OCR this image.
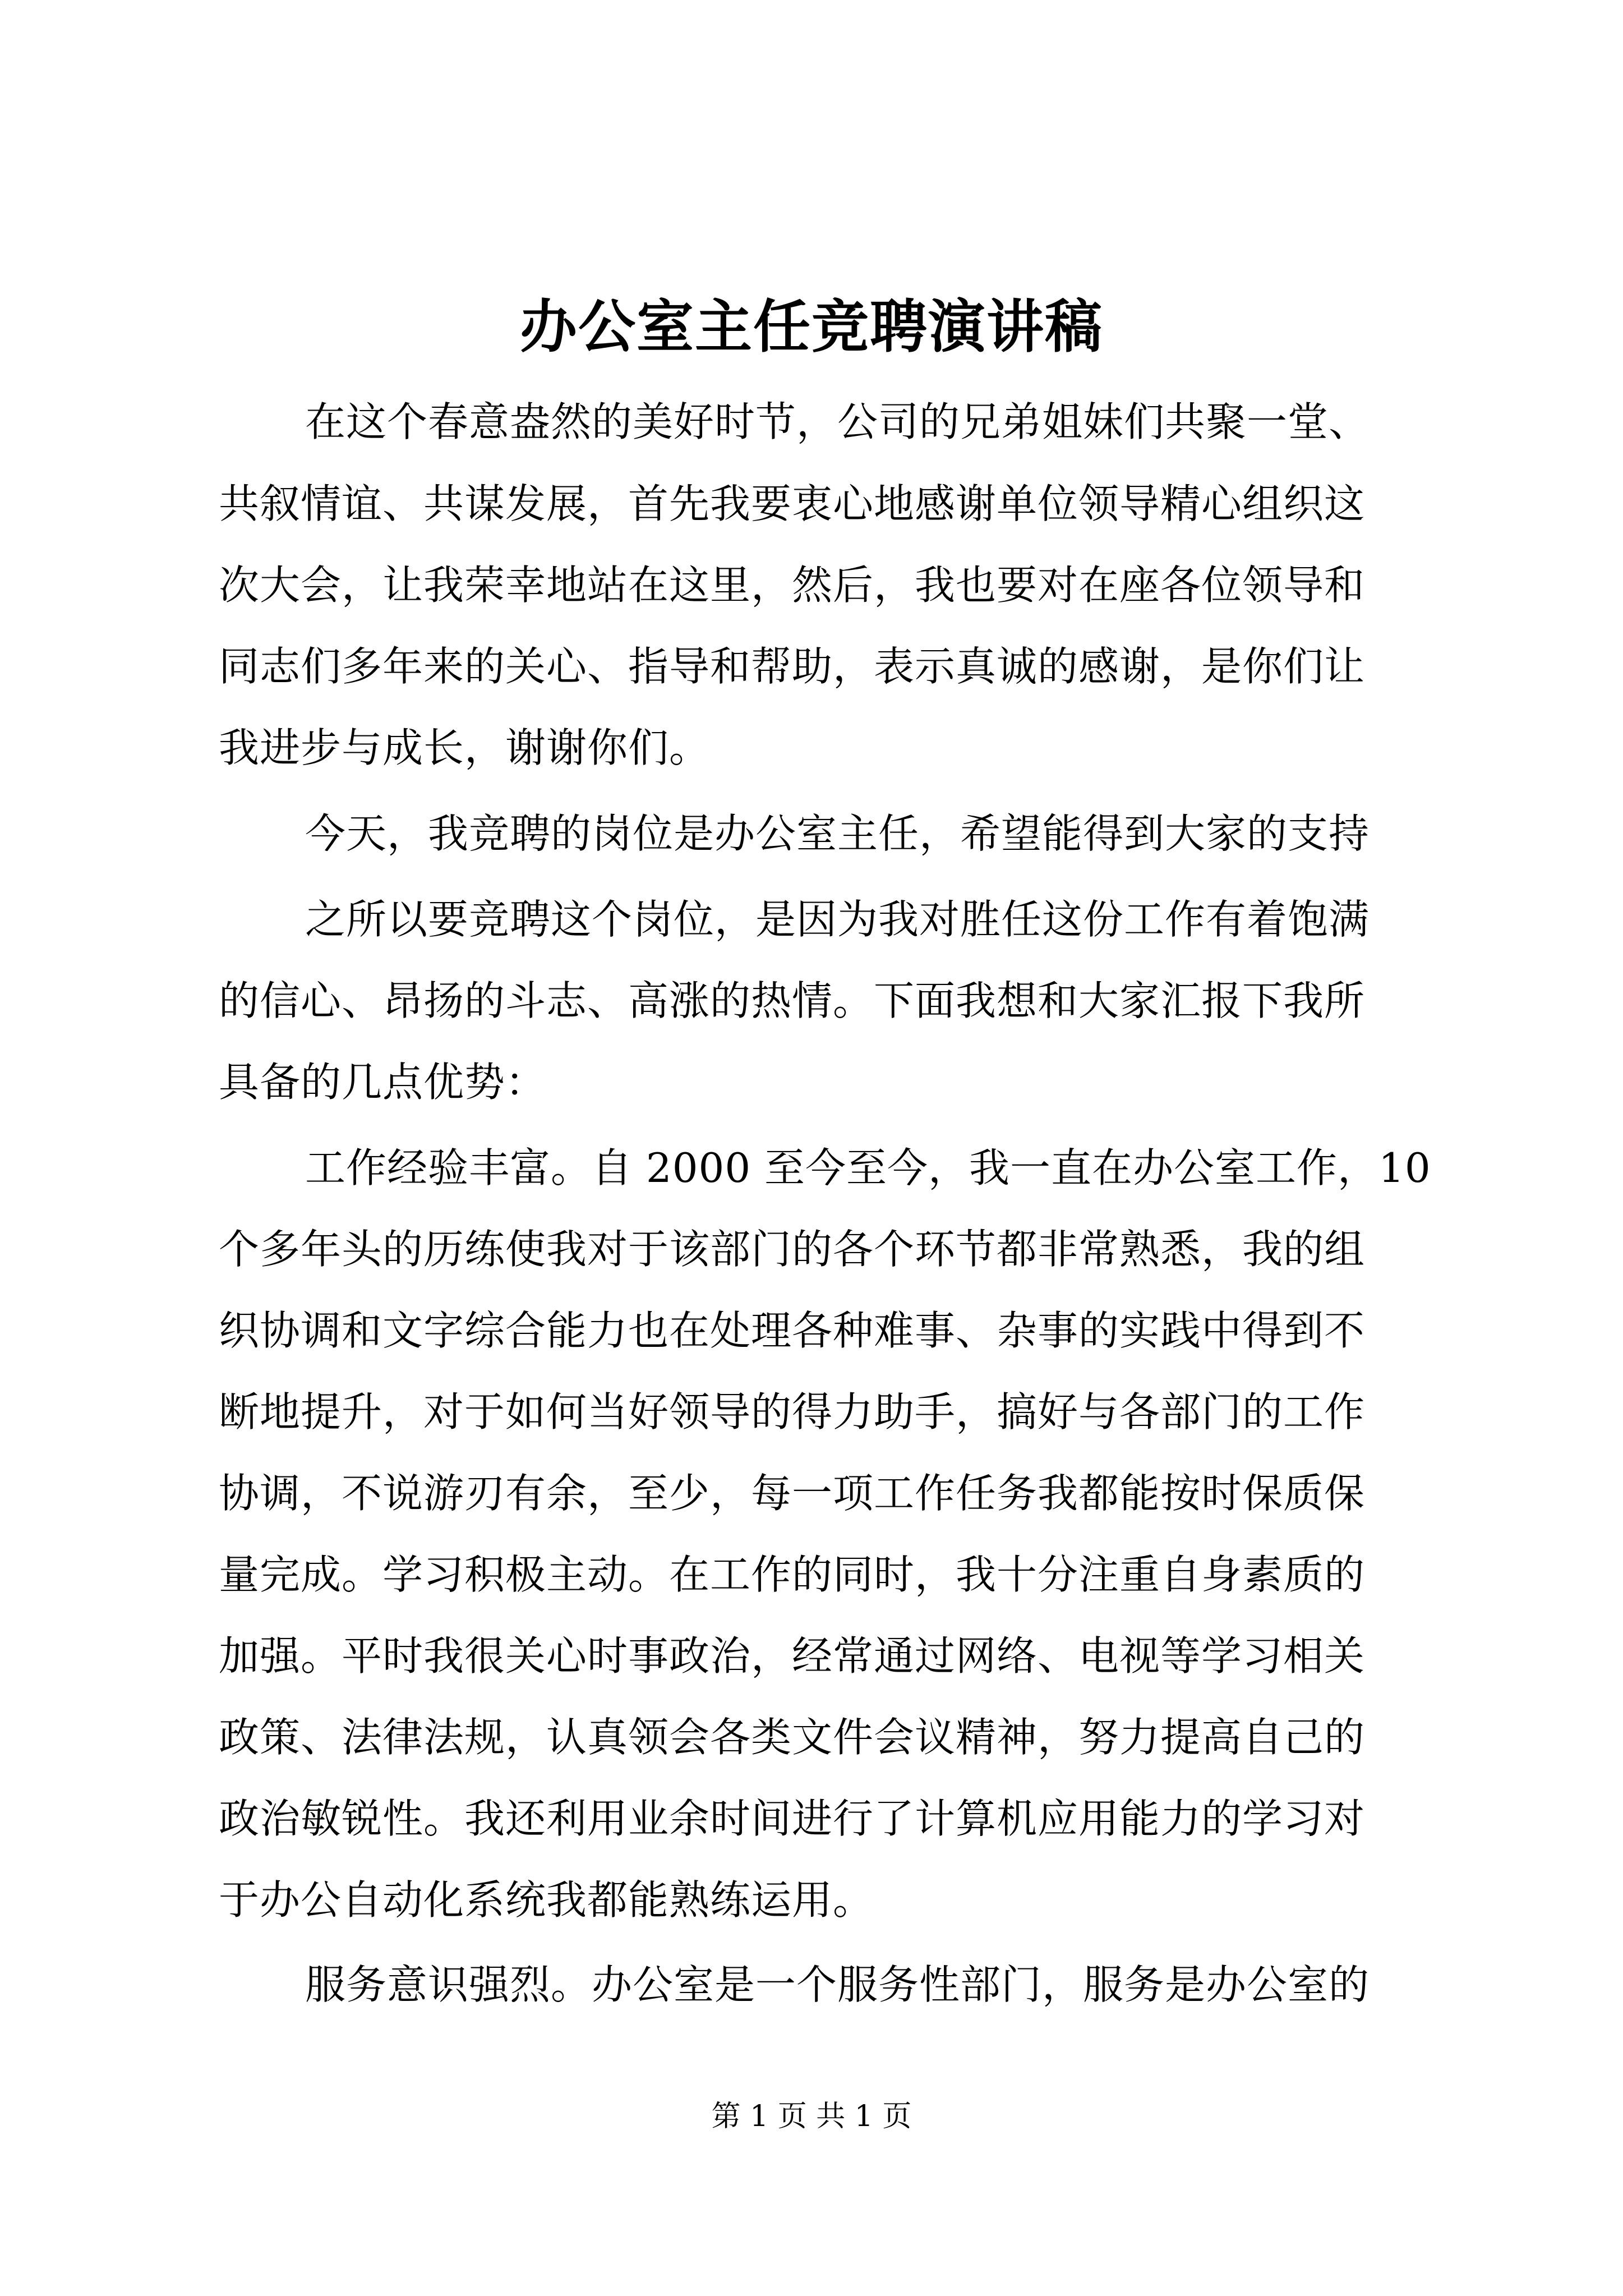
办公室主任竞聘演讲稿
在这个春意盎然的美好时节，公司的兄弟姐妹们共聚一堂、
共叙情谊、共谋发展，首先我要衷心地感谢单位领导精心组织这
次大会，让我荣幸地站在这里，然后，我也要对在座各位领导和
同志们多年来的关心、指导和帮助，表示真诚的感谢，是你们让
我进步与成长，谢谢你们。
今天，我竞聘的岗位是办公室主任，希望能得到大家的支持
之所以要竞聘这个岗位，是因为我对胜任这份工作有着饱满
的信心、昂扬的斗志、高涨的热情。下面我想和大家汇报下我所
具备的几点优势：
工作经验丰富。自 2000 至今至今，我一直在办公室工作，10
个多年头的历练使我对于该部门的各个环节都非常熟悉，我的组
织协调和文字综合能力也在处理各种难事、杂事的实践中得到不
断地提升，对于如何当好领导的得力助手，搞好与各部门的工作
协调，不说游刃有余，至少，每一项工作任务我都能按时保质保
量完成。学习积极主动。在工作的同时，我十分注重自身素质的
加强。平时我很关心时事政治，经常通过网络、电视等学习相关
政策、法律法规，认真领会各类文件会议精神，努力提高自己的
政治敏锐性。我还利用业余时间进行了计算机应用能力的学习对
于办公自动化系统我都能熟练运用。
服务意识强烈。办公室是一个服务性部门，服务是办公室的
第 1 页 共 1 页
